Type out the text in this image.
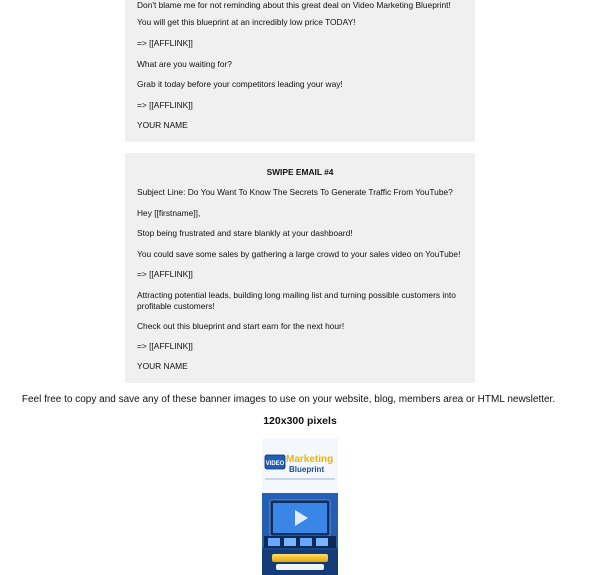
Don't blame me for not reminding about this great deal on Video Marketing Blueprint!

You will get this blueprint at an incredibly low price TODAY!

=> [[AFFLINK]]

What are you waiting for?

Grab it today before your competitors leading your way!

=> [[AFFLINK]]

YOUR NAME

SWIPE EMAIL #4

Subject Line: Do You Want To Know The Secrets To Generate Traffic From YouTube?

Hey [[firstname]],

Stop being frustrated and stare blankly at your dashboard!

You could save some sales by gathering a large crowd to your sales video on YouTube!

=> [[AFFLINK]]

Attracting potential leads, building long mailing list and turning possible customers into profitable customers!

Check out this blueprint and start earn for the next hour!

=> [[AFFLINK]]

YOUR NAME

Feel free to copy and save any of these banner images to use on your website, blog, members area or HTML newsletter.
120x300 pixels
VIDEO Marketing
Blueprint
